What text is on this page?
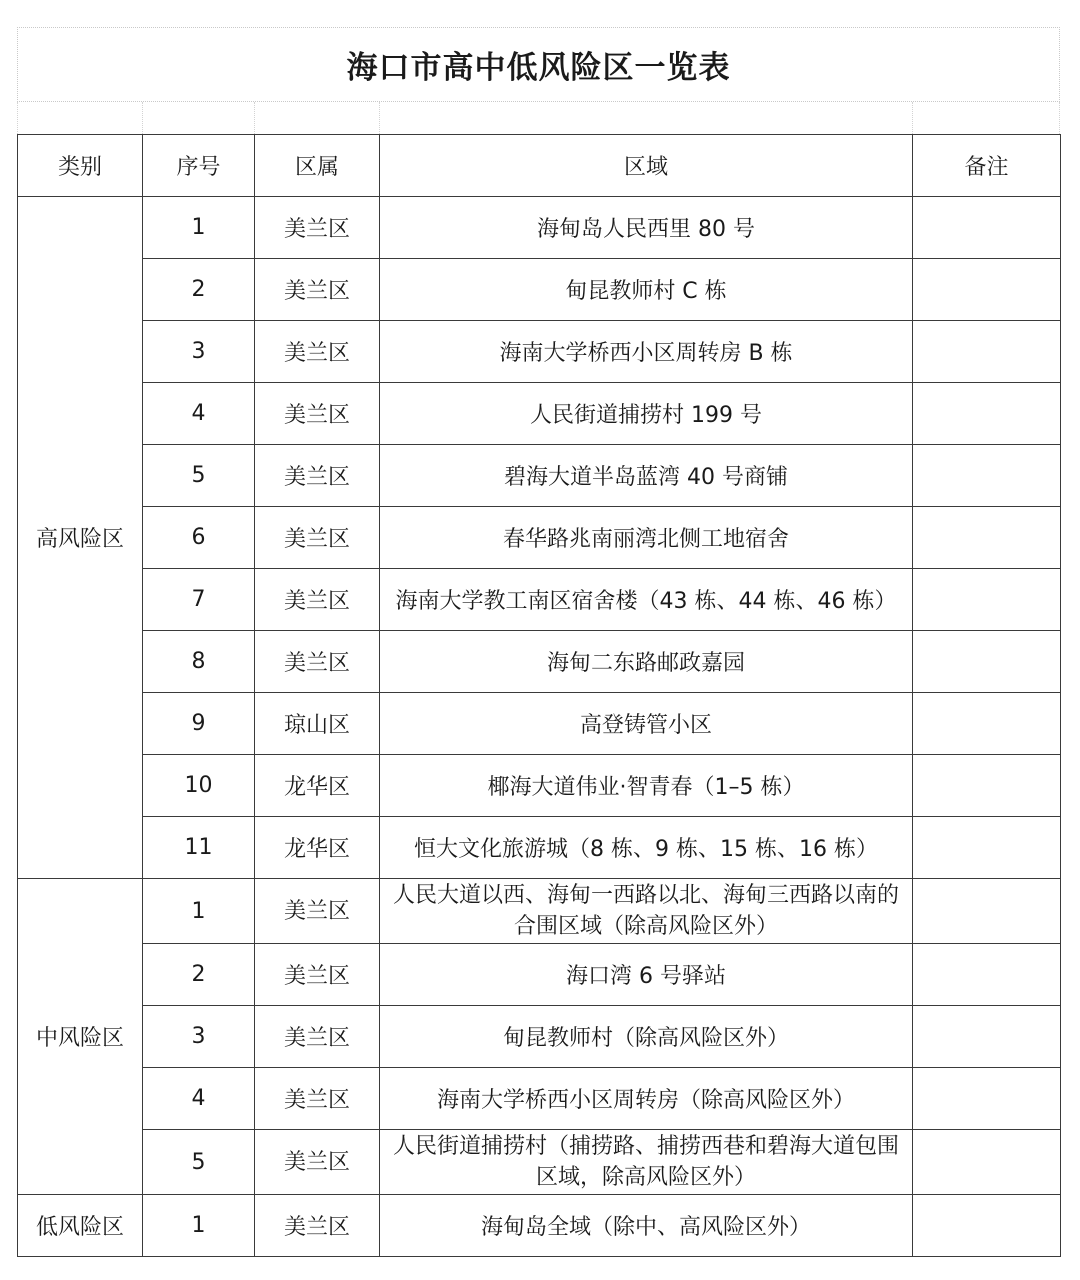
海口市高中低风险区一览表
类别	序号	区属	区域	备注
高风险区	1	美兰区	海甸岛人民西里 80 号	
	2	美兰区	甸昆教师村 C 栋	
	3	美兰区	海南大学桥西小区周转房 B 栋	
	4	美兰区	人民街道捕捞村 199 号	
	5	美兰区	碧海大道半岛蓝湾 40 号商铺	
	6	美兰区	春华路兆南丽湾北侧工地宿舍	
	7	美兰区	海南大学教工南区宿舍楼（43 栋、44 栋、46 栋）	
	8	美兰区	海甸二东路邮政嘉园	
	9	琼山区	高登铸管小区	
	10	龙华区	椰海大道伟业·智青春（1–5 栋）	
	11	龙华区	恒大文化旅游城（8 栋、9 栋、15 栋、16 栋）	
中风险区	1	美兰区	人民大道以西、海甸一西路以北、海甸三西路以南的
合围区域（除高风险区外）	
	2	美兰区	海口湾 6 号驿站	
	3	美兰区	甸昆教师村（除高风险区外）	
	4	美兰区	海南大学桥西小区周转房（除高风险区外）	
	5	美兰区	人民街道捕捞村（捕捞路、捕捞西巷和碧海大道包围
区域，除高风险区外）	
低风险区	1	美兰区	海甸岛全域（除中、高风险区外）	
